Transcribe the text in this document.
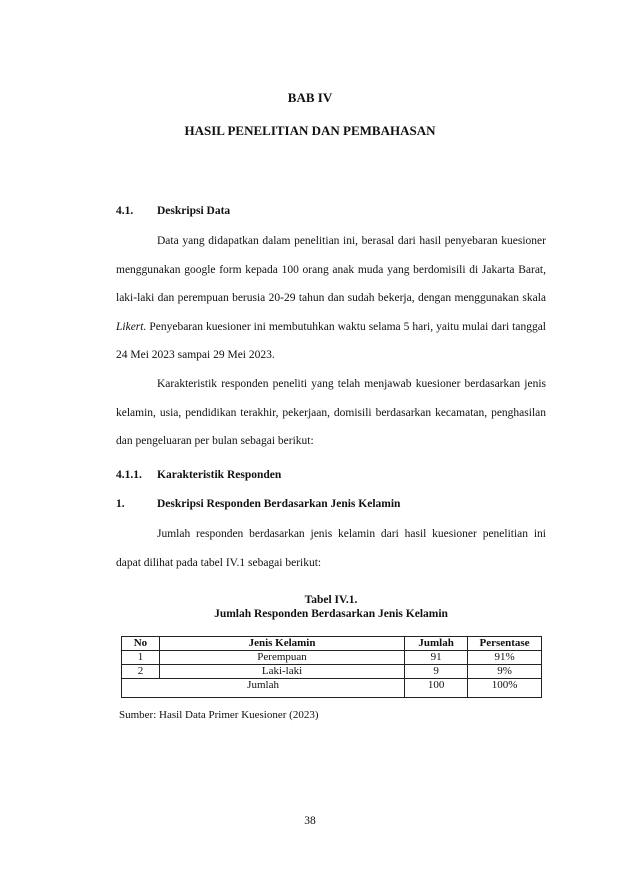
BAB IV
HASIL PENELITIAN DAN PEMBAHASAN
4.1. Deskripsi Data

Data yang didapatkan dalam penelitian ini, berasal dari hasil penyebaran kuesioner menggunakan google form kepada 100 orang anak muda yang berdomisili di Jakarta Barat, laki-laki dan perempuan berusia 20-29 tahun dan sudah bekerja, dengan menggunakan skala Likert. Penyebaran kuesioner ini membutuhkan waktu selama 5 hari, yaitu mulai dari tanggal 24 Mei 2023 sampai 29 Mei 2023.

Karakteristik responden peneliti yang telah menjawab kuesioner berdasarkan jenis kelamin, usia, pendidikan terakhir, pekerjaan, domisili berdasarkan kecamatan, penghasilan dan pengeluaran per bulan sebagai berikut:

4.1.1. Karakteristik Responden
1.	Deskripsi Responden Berdasarkan Jenis Kelamin

Jumlah responden berdasarkan jenis kelamin dari hasil kuesioner penelitian ini dapat dilihat pada tabel IV.1 sebagai berikut:

Tabel IV.1.
Jumlah Responden Berdasarkan Jenis Kelamin
No	Jenis Kelamin	Jumlah	Persentase
1	Perempuan	91	91%
2	Laki-laki	9	9%
Jumlah		100	100%
Sumber: Hasil Data Primer Kuesioner (2023)
38
